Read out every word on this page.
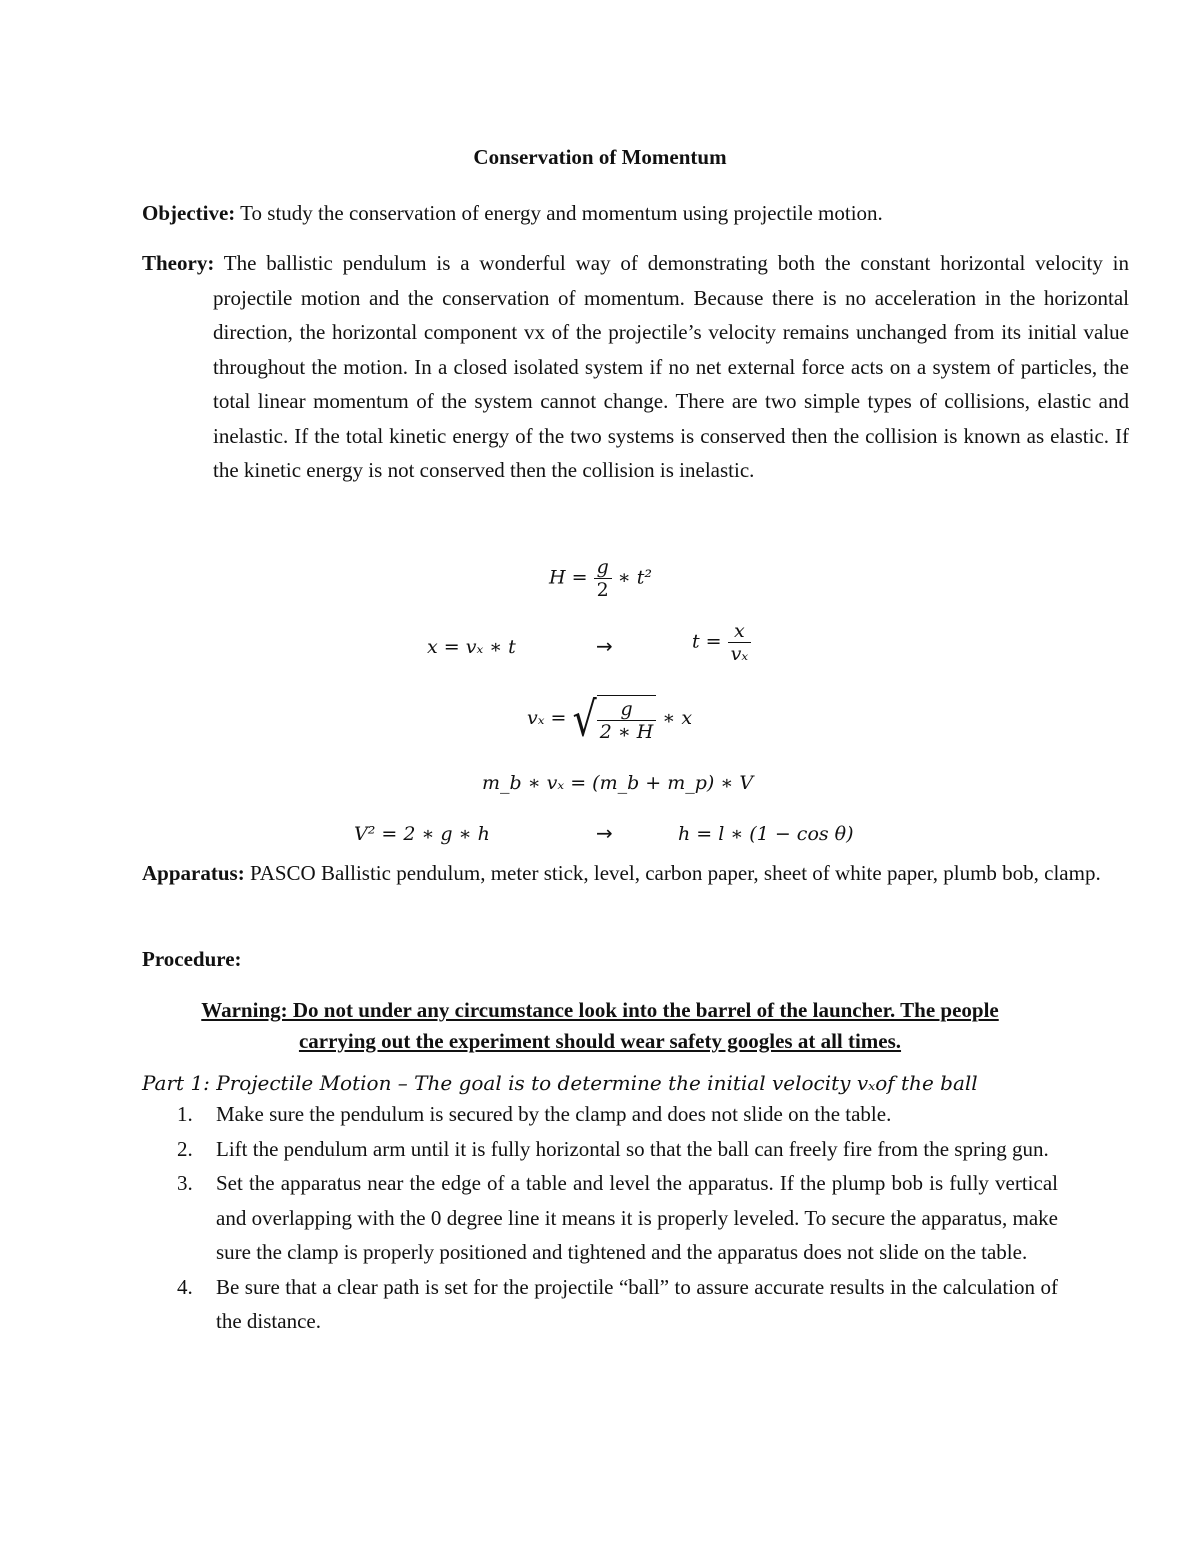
Conservation of Momentum
Objective: To study the conservation of energy and momentum using projectile motion.
Theory: The ballistic pendulum is a wonderful way of demonstrating both the constant horizontal velocity in projectile motion and the conservation of momentum. Because there is no acceleration in the horizontal direction, the horizontal component vx of the projectile’s velocity remains unchanged from its initial value throughout the motion. In a closed isolated system if no net external force acts on a system of particles, the total linear momentum of the system cannot change. There are two simple types of collisions, elastic and inelastic. If the total kinetic energy of the two systems is conserved then the collision is known as elastic. If the kinetic energy is not conserved then the collision is inelastic.
$H = \frac{g}{2}$ ∗ t²
x = vₓ ∗ t	→	$t = \frac{x}{\text{vₓ}}$
vₓ = √ $\frac{g}{2 ∗ H}$ ∗ x
m_b ∗ vₓ = (m_b + m_p) ∗ V
V² = 2 ∗ g ∗ h	→	h = l ∗ (1 − cos θ)
Apparatus: PASCO Ballistic pendulum, meter stick, level, carbon paper, sheet of white paper, plumb bob, clamp.
Procedure:
Warning: Do not under any circumstance look into the barrel of the launcher. The people
carrying out the experiment should wear safety googles at all times.
Part 1: Projectile Motion – The goal is to determine the initial velocity vₓof the ball
1. Make sure the pendulum is secured by the clamp and does not slide on the table.
2. Lift the pendulum arm until it is fully horizontal so that the ball can freely fire from the spring gun.
3. Set the apparatus near the edge of a table and level the apparatus. If the plump bob is fully vertical and overlapping with the 0 degree line it means it is properly leveled. To secure the apparatus, make sure the clamp is properly positioned and tightened and the apparatus does not slide on the table.
4. Be sure that a clear path is set for the projectile “ball” to assure accurate results in the calculation of the distance.
